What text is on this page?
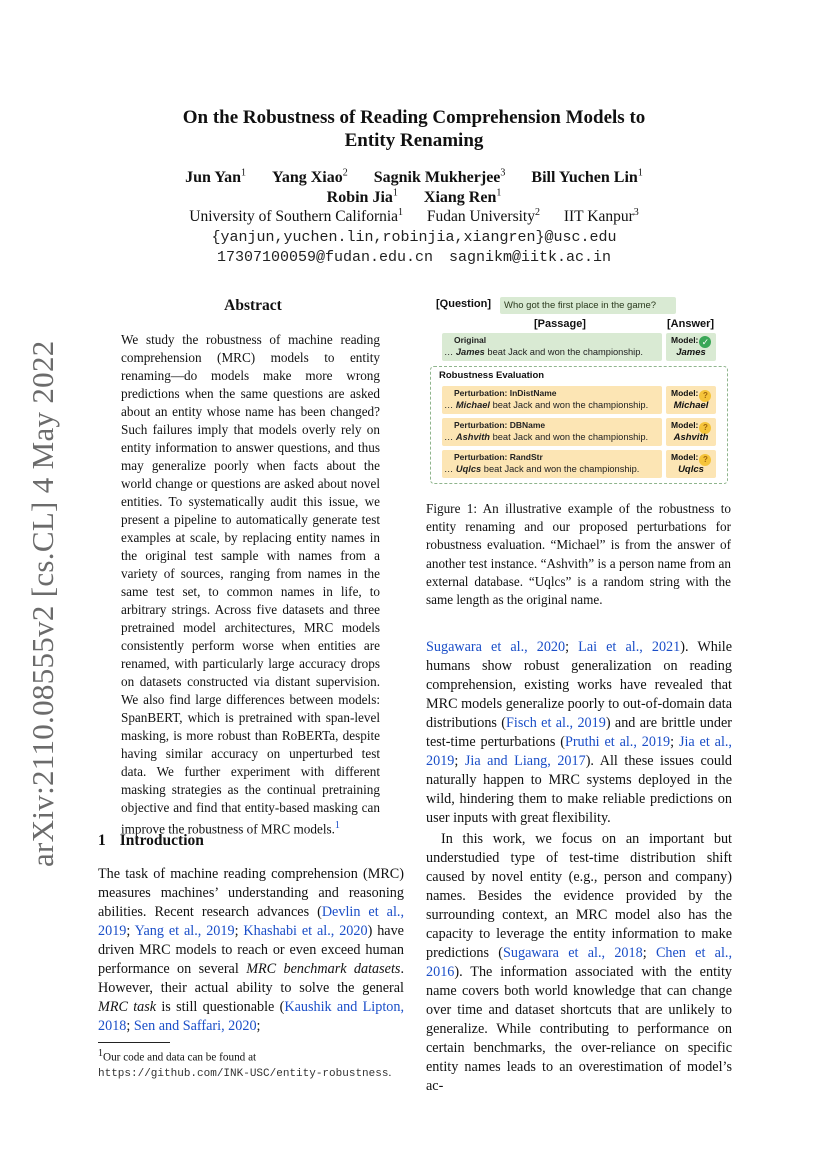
arXiv:2110.08555v2 [cs.CL] 4 May 2022
On the Robustness of Reading Comprehension Models to
Entity Renaming
Jun Yan$^1$ Yang Xiao$^2$ Sagnik Mukherjee$^3$ Bill Yuchen Lin$^1$
Robin Jia$^1$ Xiang Ren$^1$
University of Southern California$^1$ Fudan University$^2$ IIT Kanpur$^3$
{yanjun,yuchen.lin,robinjia,xiangren}@usc.edu
17307100059@fudan.edu.cn sagnikm@iitk.ac.in
Abstract
We study the robustness of machine reading comprehension (MRC) models to entity renaming—do models make more wrong predictions when the same questions are asked about an entity whose name has been changed? Such failures imply that models overly rely on entity information to answer questions, and thus may generalize poorly when facts about the world change or questions are asked about novel entities. To systematically audit this issue, we present a pipeline to automatically generate test examples at scale, by replacing entity names in the original test sample with names from a variety of sources, ranging from names in the same test set, to common names in life, to arbitrary strings. Across five datasets and three pretrained model architectures, MRC models consistently perform worse when entities are renamed, with particularly large accuracy drops on datasets constructed via distant supervision. We also find large differences between models: SpanBERT, which is pretrained with span-level masking, is more robust than RoBERTa, despite having similar accuracy on unperturbed test data. We further experiment with different masking strategies as the continual pretraining objective and find that entity-based masking can improve the robustness of MRC models.$^1$
1 Introduction
The task of machine reading comprehension (MRC) measures machines’ understanding and reasoning abilities. Recent research advances (Devlin et al., 2019; Yang et al., 2019; Khashabi et al., 2020) have driven MRC models to reach or even exceed human performance on several MRC benchmark datasets. However, their actual ability to solve the general MRC task is still questionable (Kaushik and Lipton, 2018; Sen and Saffari, 2020;
$^1$Our code and data can be found at https://github.com/INK-USC/entity-robustness.
[Question] Who got the first place in the game?
[Passage]	[Answer]
Original
… James beat Jack and won the championship.
Model: ✓
James
Robustness Evaluation
Perturbation: InDistName
… Michael beat Jack and won the championship.
Model: ?
Michael
Perturbation: DBName
… Ashvith beat Jack and won the championship.
Model: ?
Ashvith
Perturbation: RandStr
… Uqlcs beat Jack and won the championship.
Model: ?
Uqlcs
Figure 1: An illustrative example of the robustness to entity renaming and our proposed perturbations for robustness evaluation. “Michael” is from the answer of another test instance. “Ashvith” is a person name from an external database. “Uqlcs” is a random string with the same length as the original name.
Sugawara et al., 2020; Lai et al., 2021). While humans show robust generalization on reading comprehension, existing works have revealed that MRC models generalize poorly to out-of-domain data distributions (Fisch et al., 2019) and are brittle under test-time perturbations (Pruthi et al., 2019; Jia et al., 2019; Jia and Liang, 2017). All these issues could naturally happen to MRC systems deployed in the wild, hindering them to make reliable predictions on user inputs with great flexibility.
In this work, we focus on an important but understudied type of test-time distribution shift caused by novel entity (e.g., person and company) names. Besides the evidence provided by the surrounding context, an MRC model also has the capacity to leverage the entity information to make predictions (Sugawara et al., 2018; Chen et al., 2016). The information associated with the entity name covers both world knowledge that can change over time and dataset shortcuts that are unlikely to generalize. While contributing to performance on certain benchmarks, the over-reliance on specific entity names leads to an overestimation of model’s ac-
